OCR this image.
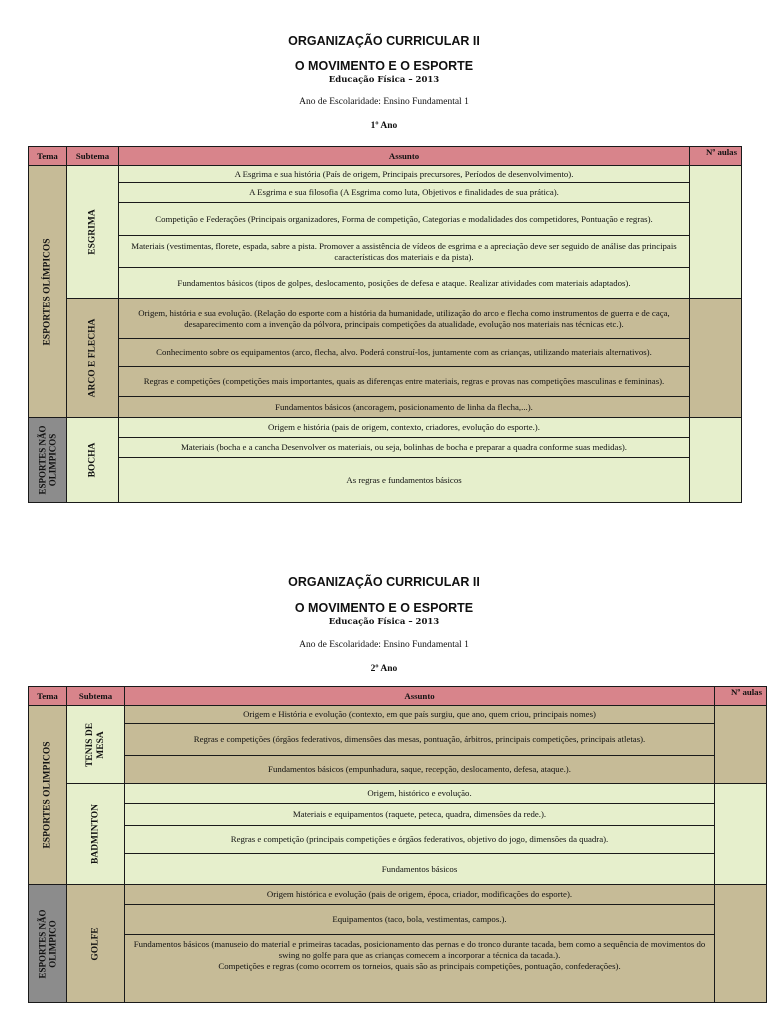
ORGANIZAÇÃO CURRICULAR II
O MOVIMENTO E O ESPORTE
Educação Física – 2013
Ano de Escolaridade: Ensino Fundamental 1
1º Ano
Tema	Subtema	Assunto	Nº aulas

ESPORTES OLÍMPICOS	ESGRIMA	A Esgrima e sua história (País de origem, Principais precursores, Períodos de desenvolvimento).	
		A Esgrima e sua filosofia (A Esgrima como luta, Objetivos e finalidades de sua prática).	
		Competição e Federações (Principais organizadores, Forma de competição, Categorias e modalidades dos competidores, Pontuação e regras).	
		Materiais (vestimentas, florete, espada, sabre a pista. Promover a assistência de vídeos de esgrima e a apreciação deve ser seguido de análise das principais características dos materiais e da pista).	
		Fundamentos básicos (tipos de golpes, deslocamento, posições de defesa e ataque. Realizar atividades com materiais adaptados).	

	ARCO E FLECHA	Origem, história e sua evolução. (Relação do esporte com a história da humanidade, utilização do arco e flecha como instrumentos de guerra e de caça, desaparecimento com a invenção da pólvora, principais competições da atualidade, evolução nos materiais nas técnicas etc.).	
		Conhecimento sobre os equipamentos (arco, flecha, alvo. Poderá construí-los, juntamente com as crianças, utilizando materiais alternativos).	
		Regras e competições (competições mais importantes, quais as diferenças entre materiais, regras e provas nas competições masculinas e femininas).	
		Fundamentos básicos (ancoragem, posicionamento de linha da flecha,...).	

ESPORTES NÃO OLIMPICOS	BOCHA	Origem e história (pais de origem, contexto, criadores, evolução do esporte.).	
		Materiais (bocha e a cancha Desenvolver os materiais, ou seja, bolinhas de bocha e preparar a quadra conforme suas medidas).	
		As regras e fundamentos básicos	
ORGANIZAÇÃO CURRICULAR II
O MOVIMENTO E O ESPORTE
Educação Física – 2013
Ano de Escolaridade: Ensino Fundamental 1
2º Ano
Tema	Subtema	Assunto	Nº aulas

ESPORTES OLIMPICOS	TENIS DE MESA	Origem e História e evolução (contexto, em que país surgiu, que ano, quem criou, principais nomes)	
		Regras e competições (órgãos federativos, dimensões das mesas, pontuação, árbitros, principais competições, principais atletas).	
		Fundamentos básicos (empunhadura, saque, recepção, deslocamento, defesa, ataque.).	

	BADMINTON	Origem, histórico e evolução.	
		Materiais e equipamentos (raquete, peteca, quadra, dimensões da rede.).	
		Regras e competição (principais competições e órgãos federativos, objetivo do jogo, dimensões da quadra).	
		Fundamentos básicos	

ESPORTES NÃO OLIMPICO	GOLFE	Origem histórica e evolução (pais de origem, época, criador, modificações do esporte).	
		Equipamentos (taco, bola, vestimentas, campos.).	

		Fundamentos básicos (manuseio do material e primeiras tacadas, posicionamento das pernas e do tronco durante tacada, bem como a sequência de movimentos do swing no golfe para que as crianças comecem a incorporar a técnica da tacada.).
Competições e regras (como ocorrem os torneios, quais são as principais competições, pontuação, confederações).	
